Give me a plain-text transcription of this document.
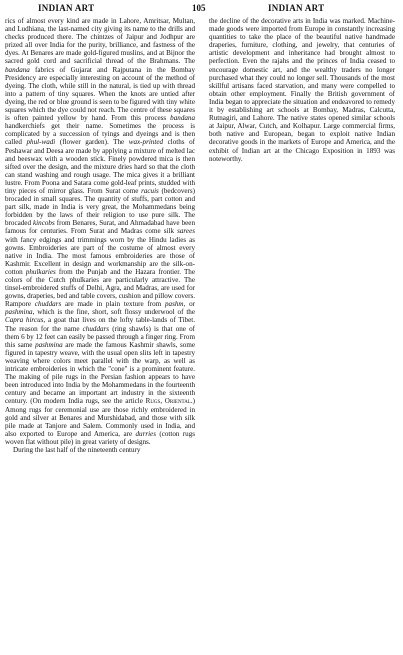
INDIAN ART	105	INDIAN ART

rics of almost every kind are made in Lahore, Amritsar, Multan, and Ludhiana, the last-named city giving its name to the drills and checks produced there. The chintzes of Jaipur and Jodhpur are prized all over India for the purity, brilliance, and fastness of the dyes. At Benares are made gold-figured muslins, and at Bijnor the sacred gold cord and sacrificial thread of the Brahmans. The bandana fabrics of Gujarat and Rajputana in the Bombay Presidency are especially interesting on account of the method of dyeing. The cloth, while still in the natural, is tied up with thread into a pattern of tiny squares. When the knots are untied after dyeing, the red or blue ground is seen to be figured with tiny white squares which the dye could not reach. The centre of these squares is often painted yellow by hand. From this process bandana handkerchiefs get their name. Sometimes the process is complicated by a succession of tyings and dyeings and is then called phul-wadi (flower garden). The wax-printed cloths of Peshawar and Deesa are made by applying a mixture of melted lac and beeswax with a wooden stick. Finely powdered mica is then sifted over the design, and the mixture dries hard so that the cloth can stand washing and rough usage. The mica gives it a brilliant lustre. From Poona and Satara come gold-leaf prints, studded with tiny pieces of mirror glass. From Surat come racuis (bedcovers) brocaded in small squares. The quantity of stuffs, part cotton and part silk, made in India is very great, the Mohammedans being forbidden by the laws of their religion to use pure silk. The brocaded kincobs from Benares, Surat, and Ahmadabad have been famous for centuries. From Surat and Madras come silk sarees with fancy edgings and trimmings worn by the Hindu ladies as gowns. Embroideries are part of the costume of almost every native in India. The most famous embroideries are those of Kashmir. Excellent in design and workmanship are the silk-on-cotton phulkaries from the Punjab and the Hazara frontier. The colors of the Cutch phulkaries are particularly attractive. The tinsel-embroidered stuffs of Delhi, Agra, and Madras, are used for gowns, draperies, bed and table covers, cushion and pillow covers. Rampore chuddars are made in plain texture from pashm, or pashmina, which is the fine, short, soft flossy underwool of the Capra hircus, a goat that lives on the lofty table-lands of Tibet. The reason for the name chuddars (ring shawls) is that one of them 6 by 12 feet can easily be passed through a finger ring. From this same pashmina are made the famous Kashmir shawls, some figured in tapestry weave, with the usual open slits left in tapestry weaving where colors meet parallel with the warp, as well as intricate embroideries in which the "cone" is a prominent feature. The making of pile rugs in the Persian fashion appears to have been introduced into India by the Mohammedans in the fourteenth century and became an important art industry in the sixteenth century. (On modern India rugs, see the article Rugs, Oriental.) Among rugs for ceremonial use are those richly embroidered in gold and silver at Benares and Murshidabad, and those with silk pile made at Tanjore and Salem. Commonly used in India, and also exported to Europe and America, are durries (cotton rugs woven flat without pile) in great variety of designs.

During the last half of the nineteenth century

the decline of the decorative arts in India was marked. Machine-made goods were imported from Europe in constantly increasing quantities to take the place of the beautiful native handmade draperies, furniture, clothing, and jewelry, that centuries of artistic development and inheritance had brought almost to perfection. Even the rajahs and the princes of India ceased to encourage domestic art, and the wealthy traders no longer purchased what they could no longer sell. Thousands of the most skillful artisans faced starvation, and many were compelled to obtain other employment. Finally the British government of India began to appreciate the situation and endeavored to remedy it by establishing art schools at Bombay, Madras, Calcutta, Rutnagiri, and Lahore. The native states opened similar schools at Jaipur, Alwar, Cutch, and Kolhapur. Large commercial firms, both native and European, began to exploit native Indian decorative goods in the markets of Europe and America, and the exhibit of Indian art at the Chicago Exposition in 1893 was noteworthy.
